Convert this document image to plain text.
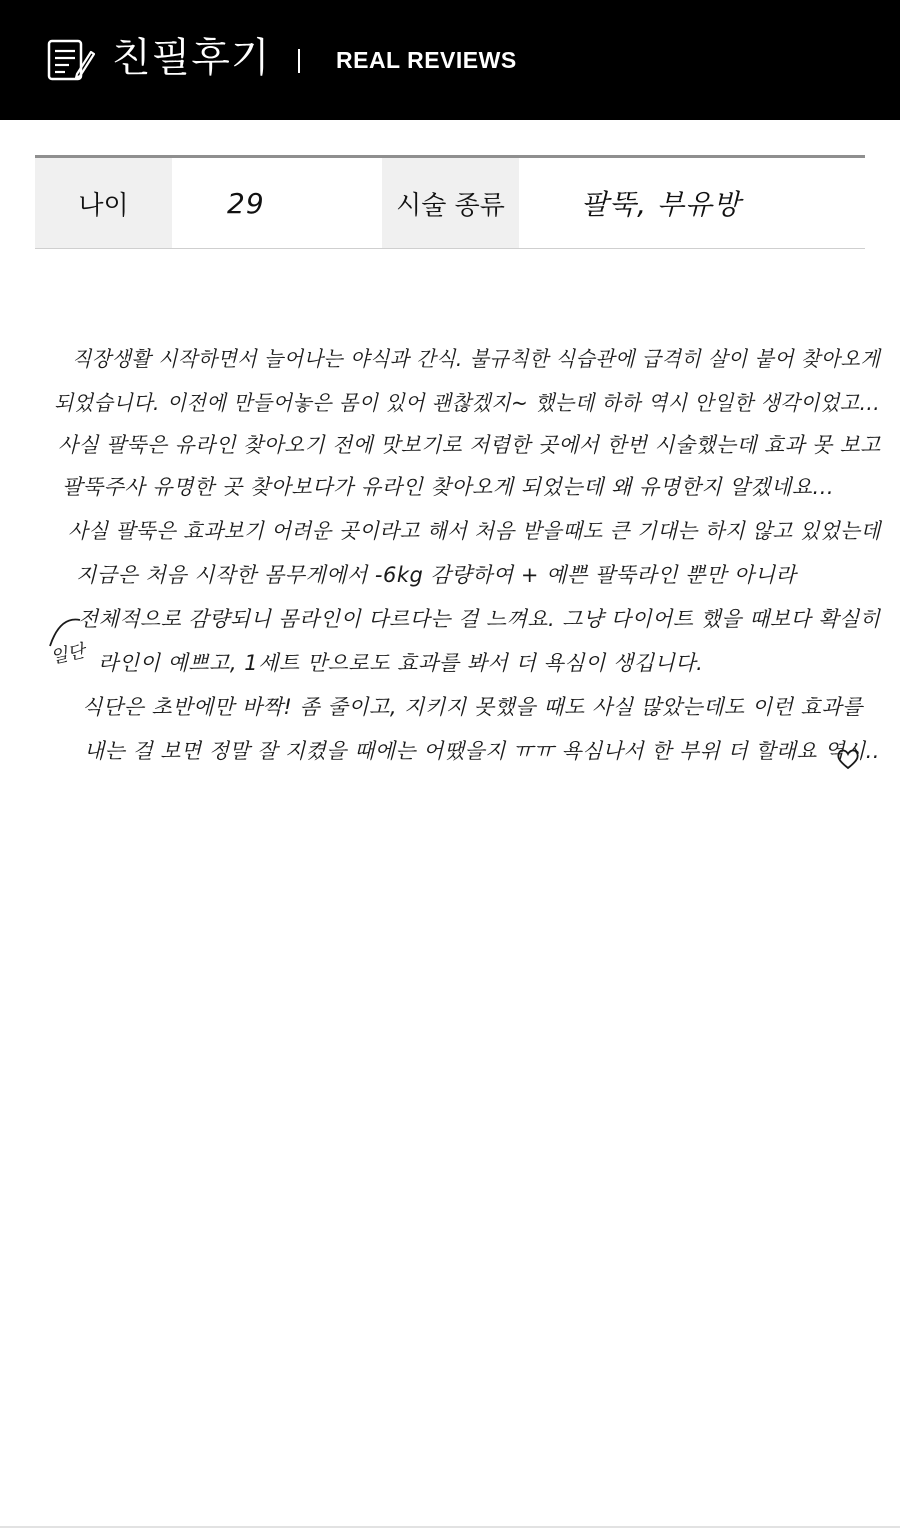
친필후기	REAL REVIEWS
나이	29	시술 종류	팔뚝, 부유방
직장생활 시작하면서 늘어나는 야식과 간식. 불규칙한 식습관에 급격히 살이 붙어 찾아오게
되었습니다. 이전에 만들어놓은 몸이 있어 괜찮겠지~ 했는데 하하 역시 안일한 생각이었고...
사실 팔뚝은 유라인 찾아오기 전에 맛보기로 저렴한 곳에서 한번 시술했는데 효과 못 보고
팔뚝주사 유명한 곳 찾아보다가 유라인 찾아오게 되었는데 왜 유명한지 알겠네요...
사실 팔뚝은 효과보기 어려운 곳이라고 해서 처음 받을때도 큰 기대는 하지 않고 있었는데
지금은 처음 시작한 몸무게에서 -6kg 감량하여 + 예쁜 팔뚝라인 뿐만 아니라
전체적으로 감량되니 몸라인이 다르다는 걸 느껴요. 그냥 다이어트 했을 때보다 확실히
라인이 예쁘고, 1세트 만으로도 효과를 봐서 더 욕심이 생깁니다.
식단은 초반에만 바짝! 좀 줄이고, 지키지 못했을 때도 사실 많았는데도 이런 효과를
내는 걸 보면 정말 잘 지켰을 때에는 어땠을지 ㅠㅠ 욕심나서 한 부위 더 할래요 역시..
일단
